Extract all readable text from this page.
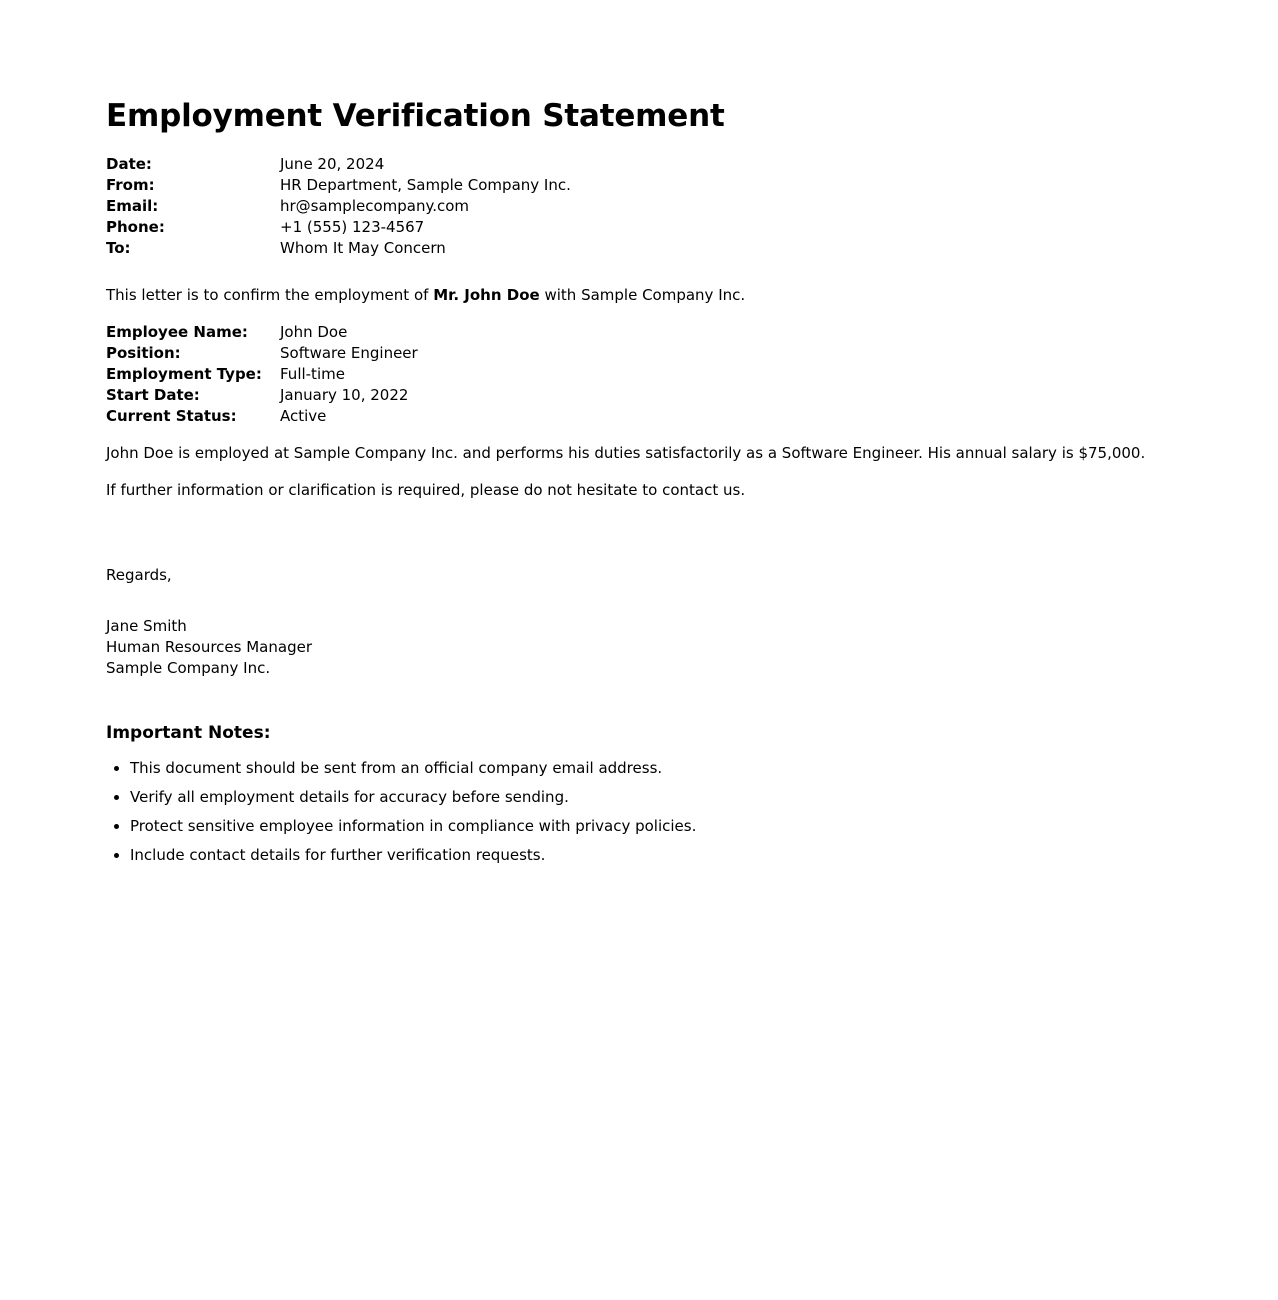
Employment Verification Statement
Date:	June 20, 2024
From:	HR Department, Sample Company Inc.
Email:	hr@samplecompany.com
Phone:	+1 (555) 123-4567
To:	Whom It May Concern
This letter is to confirm the employment of Mr. John Doe with Sample Company Inc.
Employee Name:	John Doe
Position:	Software Engineer
Employment Type:	Full-time
Start Date:	January 10, 2022
Current Status:	Active
John Doe is employed at Sample Company Inc. and performs his duties satisfactorily as a Software Engineer. His annual salary is $75,000.
If further information or clarification is required, please do not hesitate to contact us.
Regards,
Jane Smith
Human Resources Manager
Sample Company Inc.
Important Notes:
• This document should be sent from an official company email address.
• Verify all employment details for accuracy before sending.
• Protect sensitive employee information in compliance with privacy policies.
• Include contact details for further verification requests.
